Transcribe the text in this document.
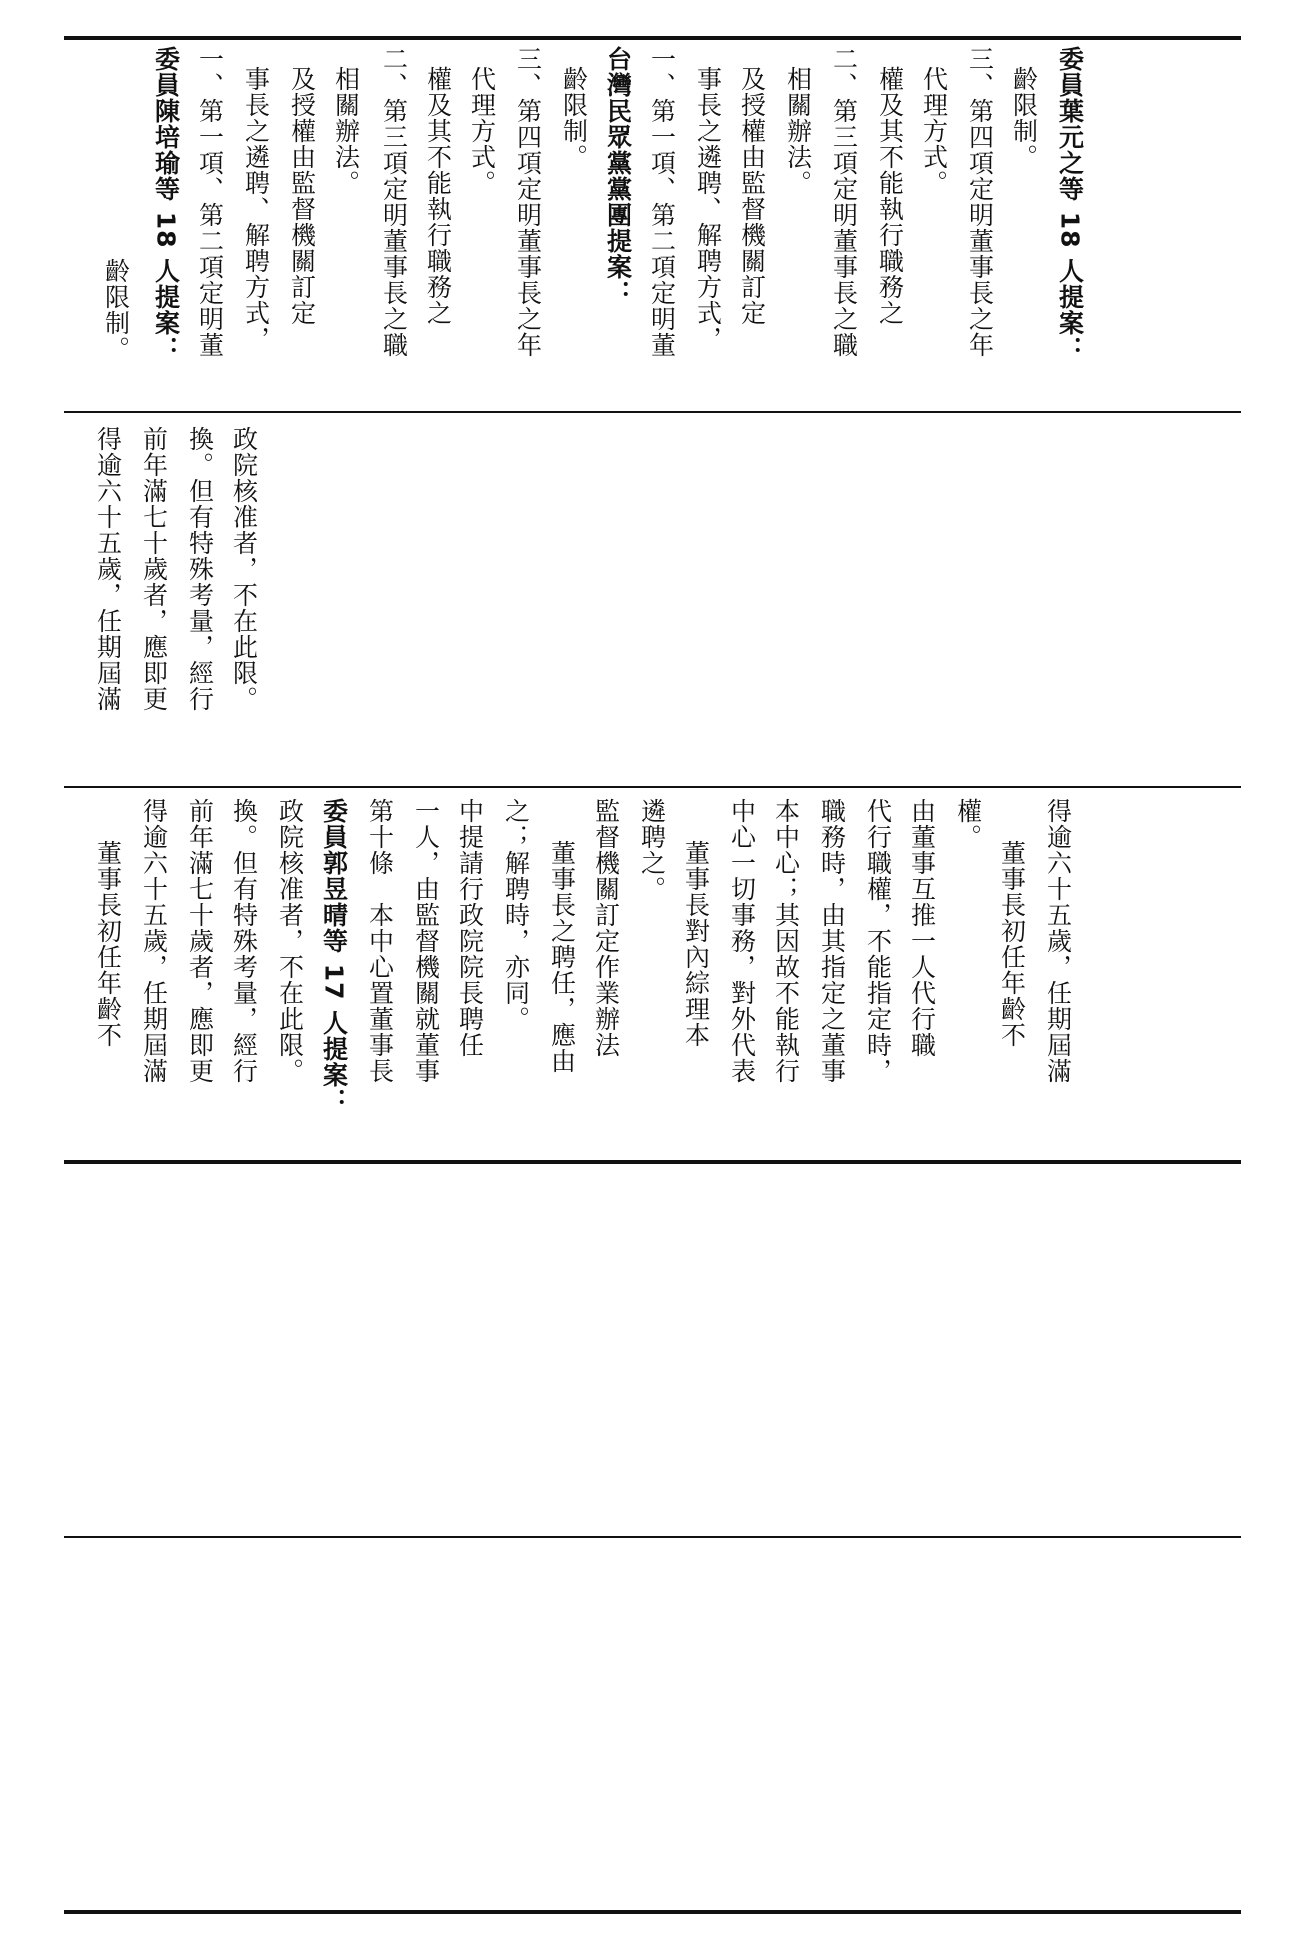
齡限制。 委員陳培瑜等 18 人提案： 一、第一項、第二項定明董 事長之遴聘、解聘方式， 及授權由監督機關訂定 相關辦法。 二、第三項定明董事長之職 權及其不能執行職務之 代理方式。 三、第四項定明董事長之年 齡限制。 台灣民眾黨黨團提案： 一、第一項、第二項定明董 事長之遴聘、解聘方式， 及授權由監督機關訂定 相關辦法。 二、第三項定明董事長之職 權及其不能執行職務之 代理方式。 三、第四項定明董事長之年 齡限制。 委員葉元之等 18 人提案：
得逾六十五歲，任期屆滿 前年滿七十歲者，應即更 換。但有特殊考量，經行 政院核准者，不在此限。
董事長初任年齡不 得逾六十五歲，任期屆滿 前年滿七十歲者，應即更 換。但有特殊考量，經行 政院核准者，不在此限。 委員郭昱晴等 17 人提案： 第十條　本中心置董事長 一人，由監督機關就董事 中提請行政院院長聘任 之；解聘時，亦同。 董事長之聘任，應由 監督機關訂定作業辦法 遴聘之。 董事長對內綜理本 中心一切事務，對外代表 本中心；其因故不能執行 職務時，由其指定之董事 代行職權，不能指定時， 由董事互推一人代行職 權。
董事長初任年齡不 得逾六十五歲，任期屆滿
